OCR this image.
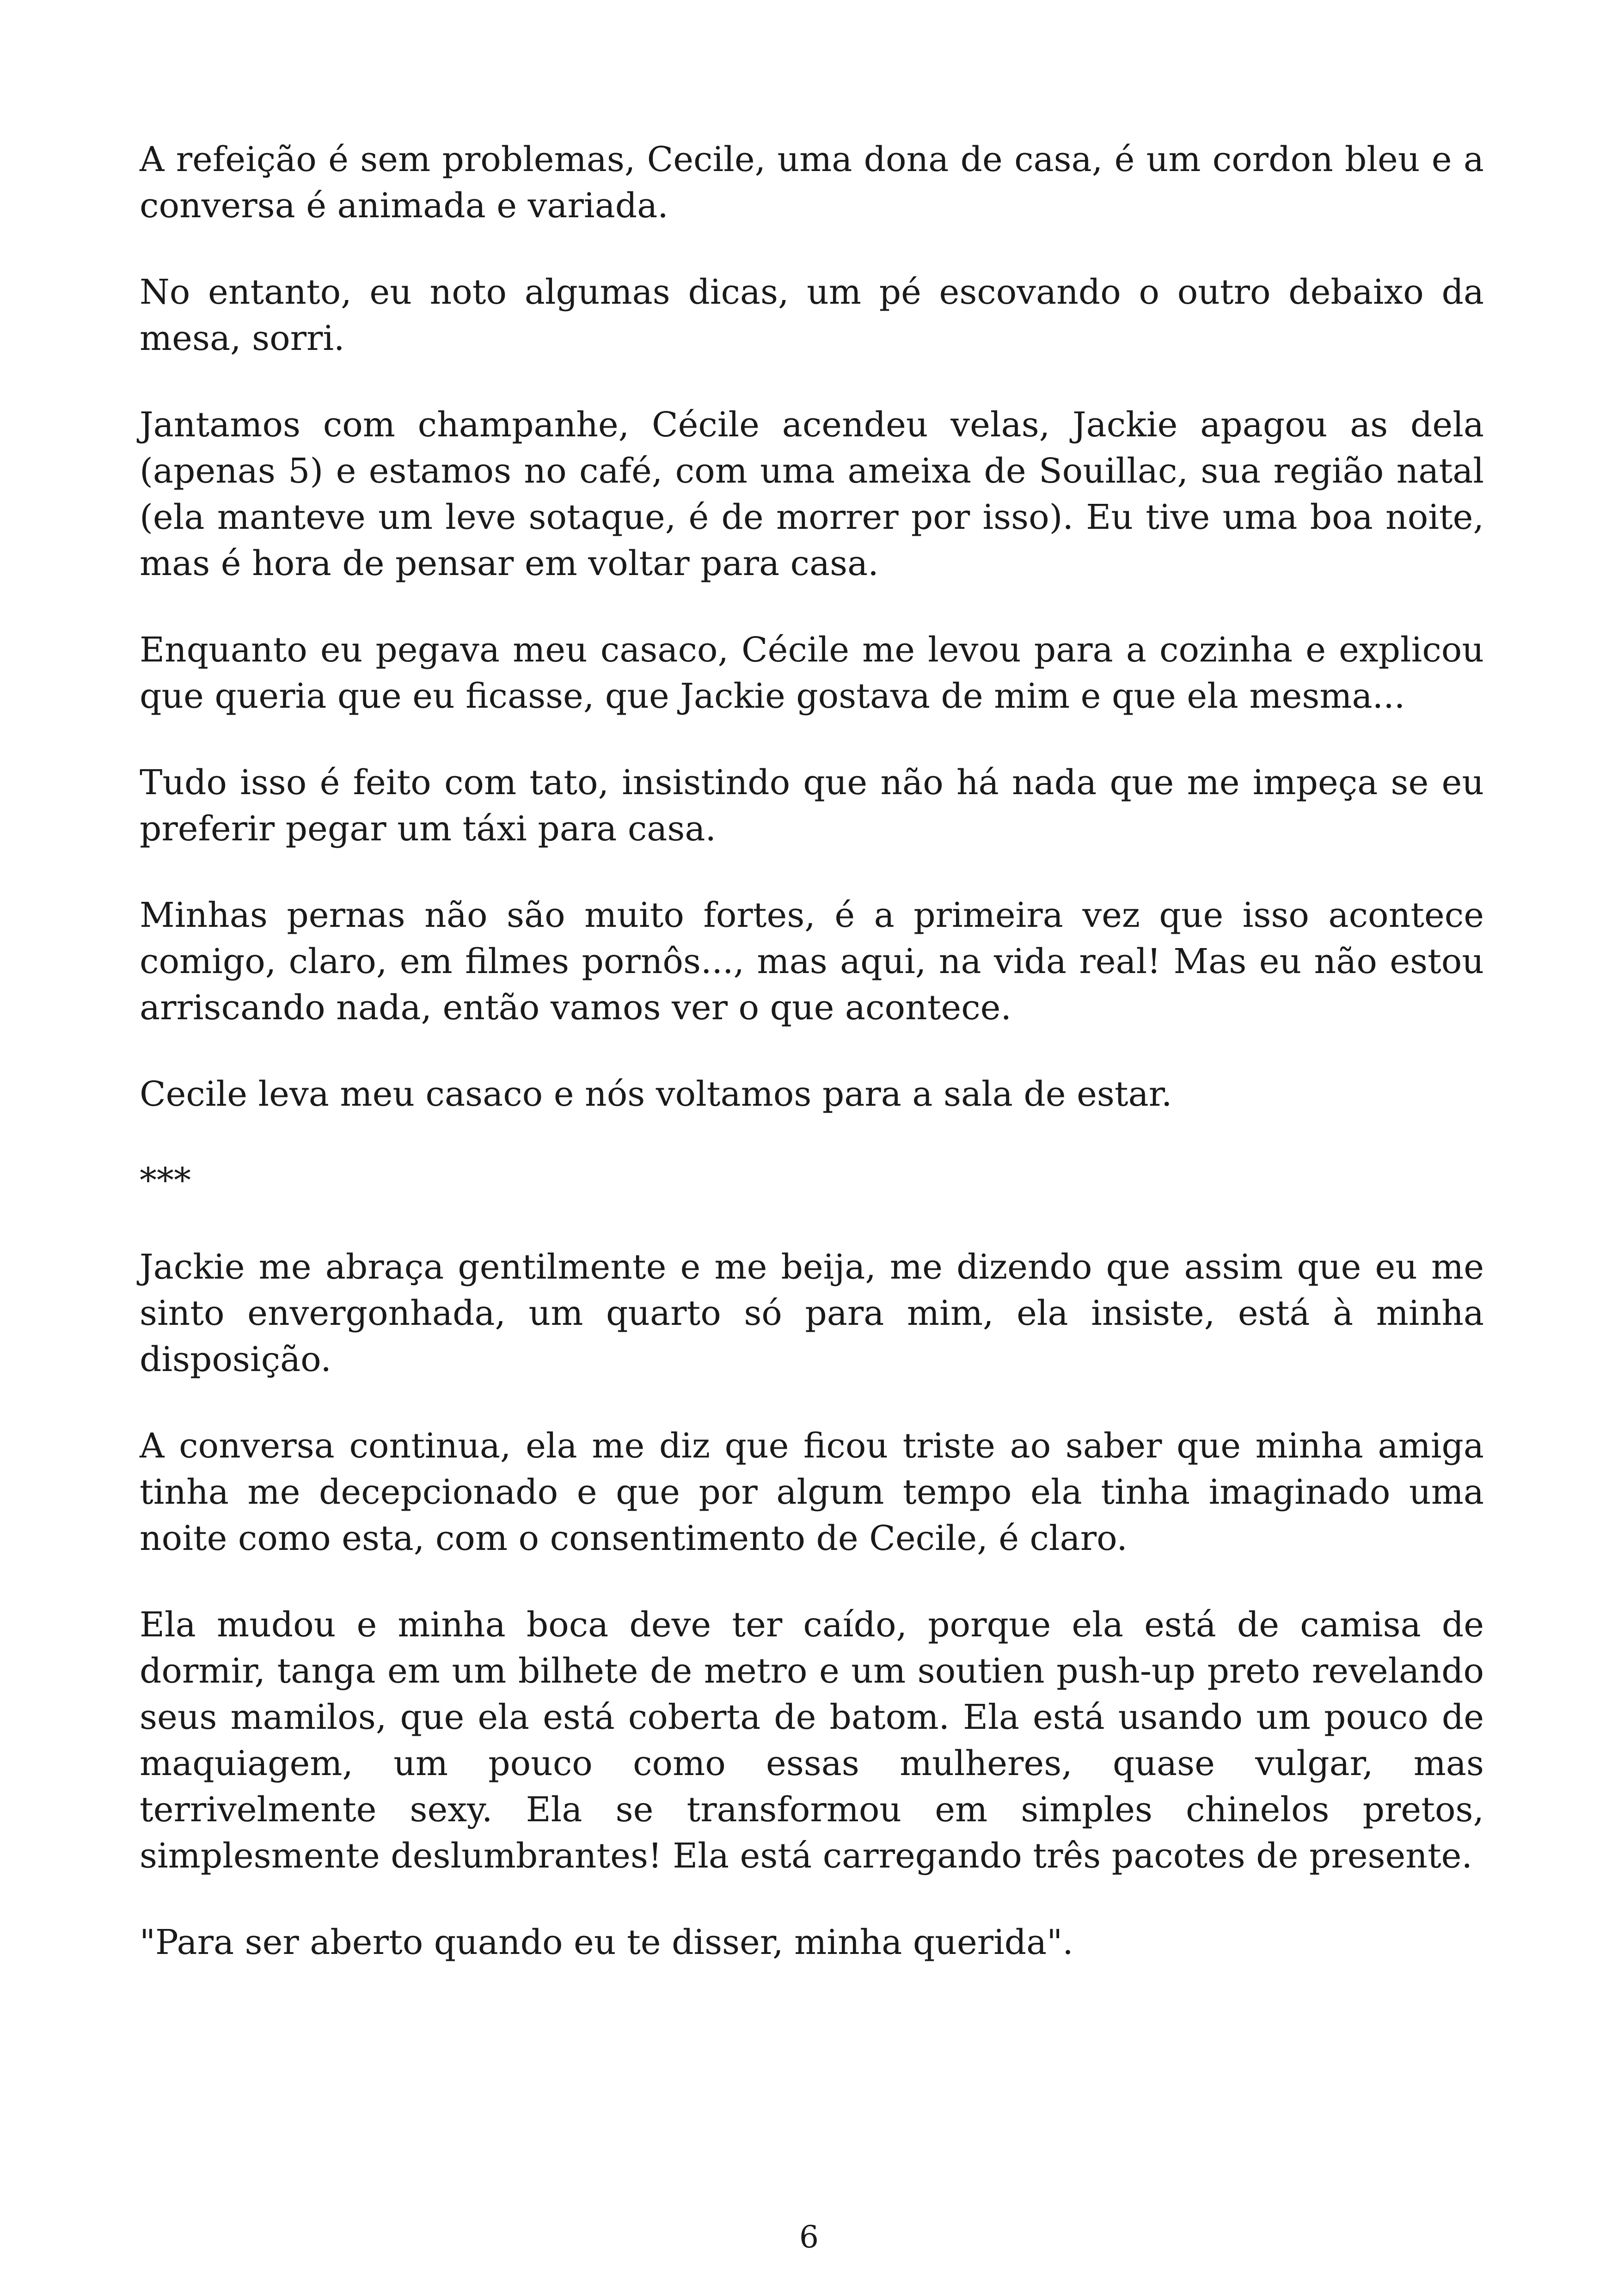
A refeição é sem problemas, Cecile, uma dona de casa, é um cordon bleu e a conversa é animada e variada.

No entanto, eu noto algumas dicas, um pé escovando o outro debaixo da mesa, sorri.

Jantamos com champanhe, Cécile acendeu velas, Jackie apagou as dela (apenas 5) e estamos no café, com uma ameixa de Souillac, sua região natal (ela manteve um leve sotaque, é de morrer por isso). Eu tive uma boa noite, mas é hora de pensar em voltar para casa.

Enquanto eu pegava meu casaco, Cécile me levou para a cozinha e explicou que queria que eu ficasse, que Jackie gostava de mim e que ela mesma...

Tudo isso é feito com tato, insistindo que não há nada que me impeça se eu preferir pegar um táxi para casa.

Minhas pernas não são muito fortes, é a primeira vez que isso acontece comigo, claro, em filmes pornôs..., mas aqui, na vida real! Mas eu não estou arriscando nada, então vamos ver o que acontece.

Cecile leva meu casaco e nós voltamos para a sala de estar.

***

Jackie me abraça gentilmente e me beija, me dizendo que assim que eu me sinto envergonhada, um quarto só para mim, ela insiste, está à minha disposição.

A conversa continua, ela me diz que ficou triste ao saber que minha amiga tinha me decepcionado e que por algum tempo ela tinha imaginado uma noite como esta, com o consentimento de Cecile, é claro.

Ela mudou e minha boca deve ter caído, porque ela está de camisa de dormir, tanga em um bilhete de metro e um soutien push-up preto revelando seus mamilos, que ela está coberta de batom. Ela está usando um pouco de maquiagem, um pouco como essas mulheres, quase vulgar, mas terrivelmente sexy. Ela se transformou em simples chinelos pretos, simplesmente deslumbrantes! Ela está carregando três pacotes de presente.

"Para ser aberto quando eu te disser, minha querida".

6
